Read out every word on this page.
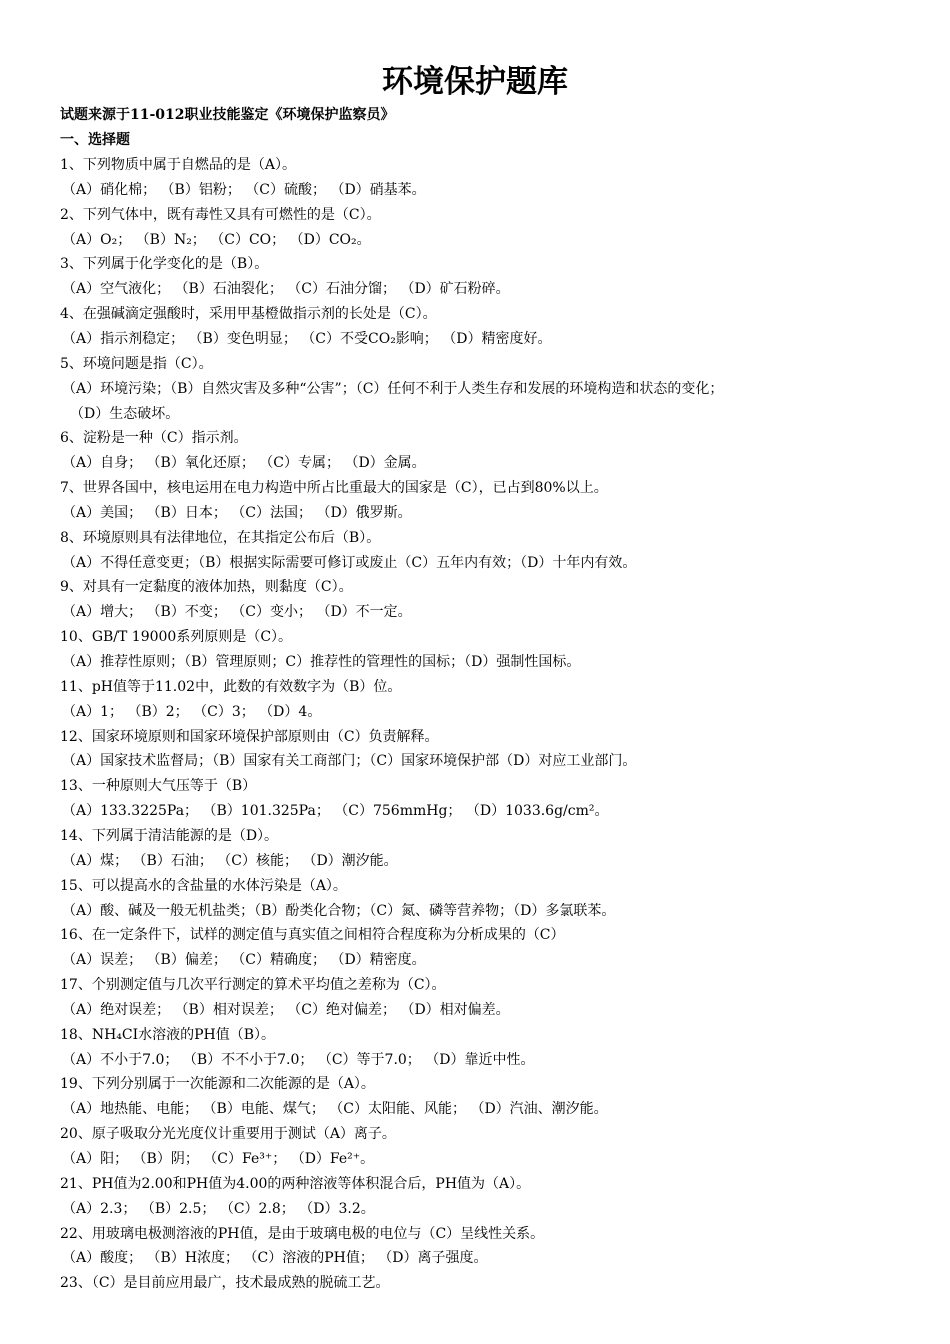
环境保护题库
试题来源于11-012职业技能鉴定《环境保护监察员》
一、选择题
1、下列物质中属于自燃品的是（A）。
（A）硝化棉； （B）铝粉； （C）硫酸； （D）硝基苯。
2、下列气体中，既有毒性又具有可燃性的是（C）。
（A）O₂； （B）N₂； （C）CO； （D）CO₂。
3、下列属于化学变化的是（B）。
（A）空气液化； （B）石油裂化； （C）石油分馏； （D）矿石粉碎。
4、在强碱滴定强酸时，采用甲基橙做指示剂的长处是（C）。
（A）指示剂稳定； （B）变色明显； （C）不受CO₂影响； （D）精密度好。
5、环境问题是指（C）。
（A）环境污染；（B）自然灾害及多种“公害”；（C）任何不利于人类生存和发展的环境构造和状态的变化；
（D）生态破坏。
6、淀粉是一种（C）指示剂。
（A）自身； （B）氧化还原； （C）专属； （D）金属。
7、世界各国中，核电运用在电力构造中所占比重最大的国家是（C），已占到80%以上。
（A）美国； （B）日本； （C）法国； （D）俄罗斯。
8、环境原则具有法律地位，在其指定公布后（B）。
（A）不得任意变更；（B）根据实际需要可修订或废止（C）五年内有效；（D）十年内有效。
9、对具有一定黏度的液体加热，则黏度（C）。
（A）增大； （B）不变； （C）变小； （D）不一定。
10、GB/T 19000系列原则是（C）。
（A）推荐性原则；（B）管理原则；C）推荐性的管理性的国标；（D）强制性国标。
11、pH值等于11.02中，此数的有效数字为（B）位。
（A）1； （B）2； （C）3； （D）4。
12、国家环境原则和国家环境保护部原则由（C）负责解释。
（A）国家技术监督局；（B）国家有关工商部门；（C）国家环境保护部（D）对应工业部门。
13、一种原则大气压等于（B）
（A）133.3225Pa； （B）101.325Pa； （C）756mmHg； （D）1033.6g/cm²。
14、下列属于清洁能源的是（D）。
（A）煤； （B）石油； （C）核能； （D）潮汐能。
15、可以提高水的含盐量的水体污染是（A）。
（A）酸、碱及一般无机盐类；（B）酚类化合物；（C）氮、磷等营养物；（D）多氯联苯。
16、在一定条件下，试样的测定值与真实值之间相符合程度称为分析成果的（C）
（A）误差； （B）偏差； （C）精确度； （D）精密度。
17、个别测定值与几次平行测定的算术平均值之差称为（C）。
（A）绝对误差； （B）相对误差； （C）绝对偏差； （D）相对偏差。
18、NH₄CI水溶液的PH值（B）。
（A）不小于7.0； （B）不不小于7.0； （C）等于7.0； （D）靠近中性。
19、下列分别属于一次能源和二次能源的是（A）。
（A）地热能、电能； （B）电能、煤气； （C）太阳能、风能； （D）汽油、潮汐能。
20、原子吸取分光光度仪计重要用于测试（A）离子。
（A）阳； （B）阴； （C）Fe³⁺； （D）Fe²⁺。
21、PH值为2.00和PH值为4.00的两种溶液等体积混合后，PH值为（A）。
（A）2.3； （B）2.5； （C）2.8； （D）3.2。
22、用玻璃电极测溶液的PH值，是由于玻璃电极的电位与（C）呈线性关系。
（A）酸度； （B）H浓度； （C）溶液的PH值； （D）离子强度。
23、（C）是目前应用最广，技术最成熟的脱硫工艺。
